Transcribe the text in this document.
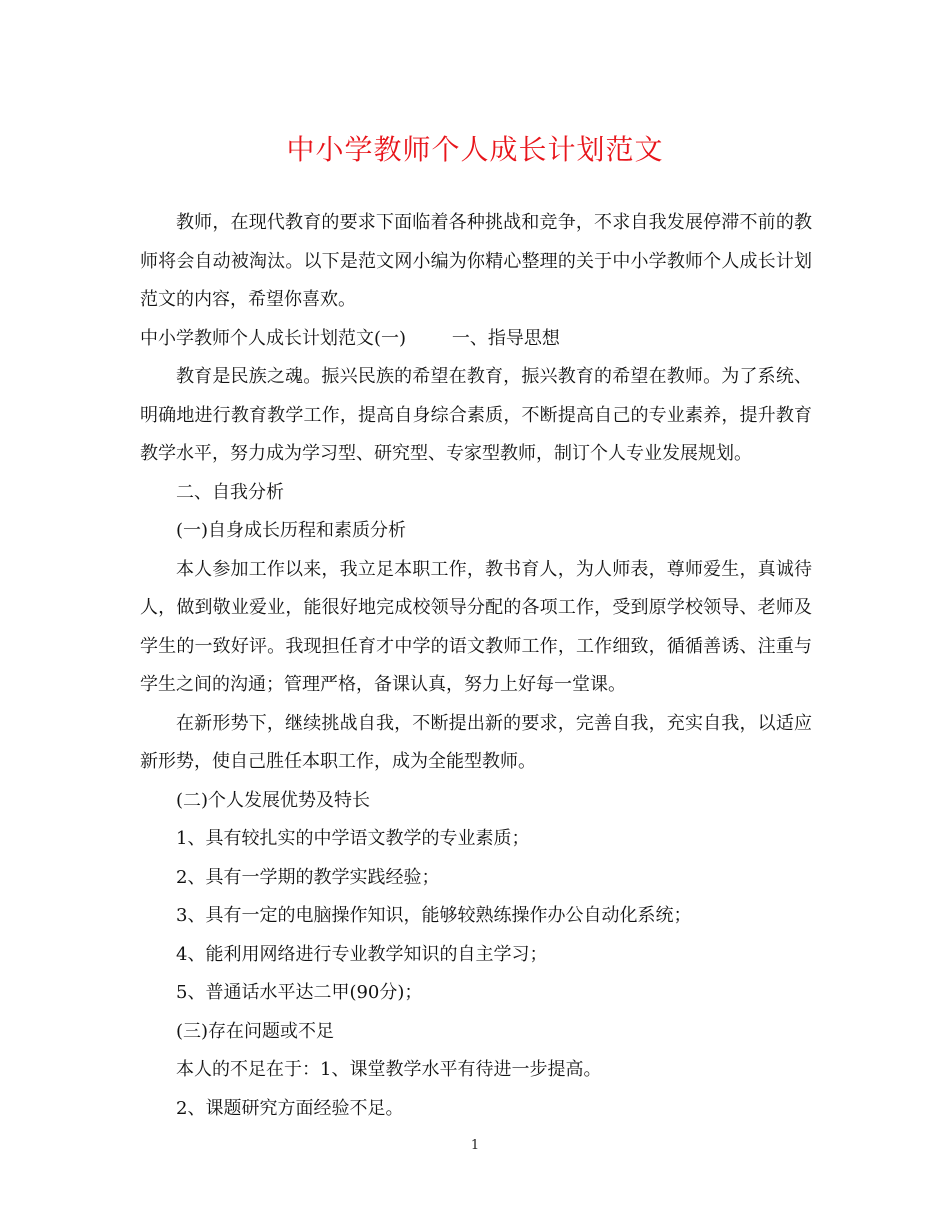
中小学教师个人成长计划范文

教师，在现代教育的要求下面临着各种挑战和竞争，不求自我发展停滞不前的教师将会自动被淘汰。以下是范文网小编为你精心整理的关于中小学教师个人成长计划范文的内容，希望你喜欢。

中小学教师个人成长计划范文(一)        一、指导思想

教育是民族之魂。振兴民族的希望在教育，振兴教育的希望在教师。为了系统、明确地进行教育教学工作，提高自身综合素质，不断提高自己的专业素养，提升教育教学水平，努力成为学习型、研究型、专家型教师，制订个人专业发展规划。

二、自我分析

(一)自身成长历程和素质分析

本人参加工作以来，我立足本职工作，教书育人，为人师表，尊师爱生，真诚待人，做到敬业爱业，能很好地完成校领导分配的各项工作，受到原学校领导、老师及学生的一致好评。我现担任育才中学的语文教师工作，工作细致，循循善诱、注重与学生之间的沟通；管理严格，备课认真，努力上好每一堂课。

在新形势下，继续挑战自我，不断提出新的要求，完善自我，充实自我，以适应新形势，使自己胜任本职工作，成为全能型教师。

(二)个人发展优势及特长

1、具有较扎实的中学语文教学的专业素质；

2、具有一学期的教学实践经验；

3、具有一定的电脑操作知识，能够较熟练操作办公自动化系统；

4、能利用网络进行专业教学知识的自主学习；

5、普通话水平达二甲(90分)；

(三)存在问题或不足

本人的不足在于：1、课堂教学水平有待进一步提高。

2、课题研究方面经验不足。

1
